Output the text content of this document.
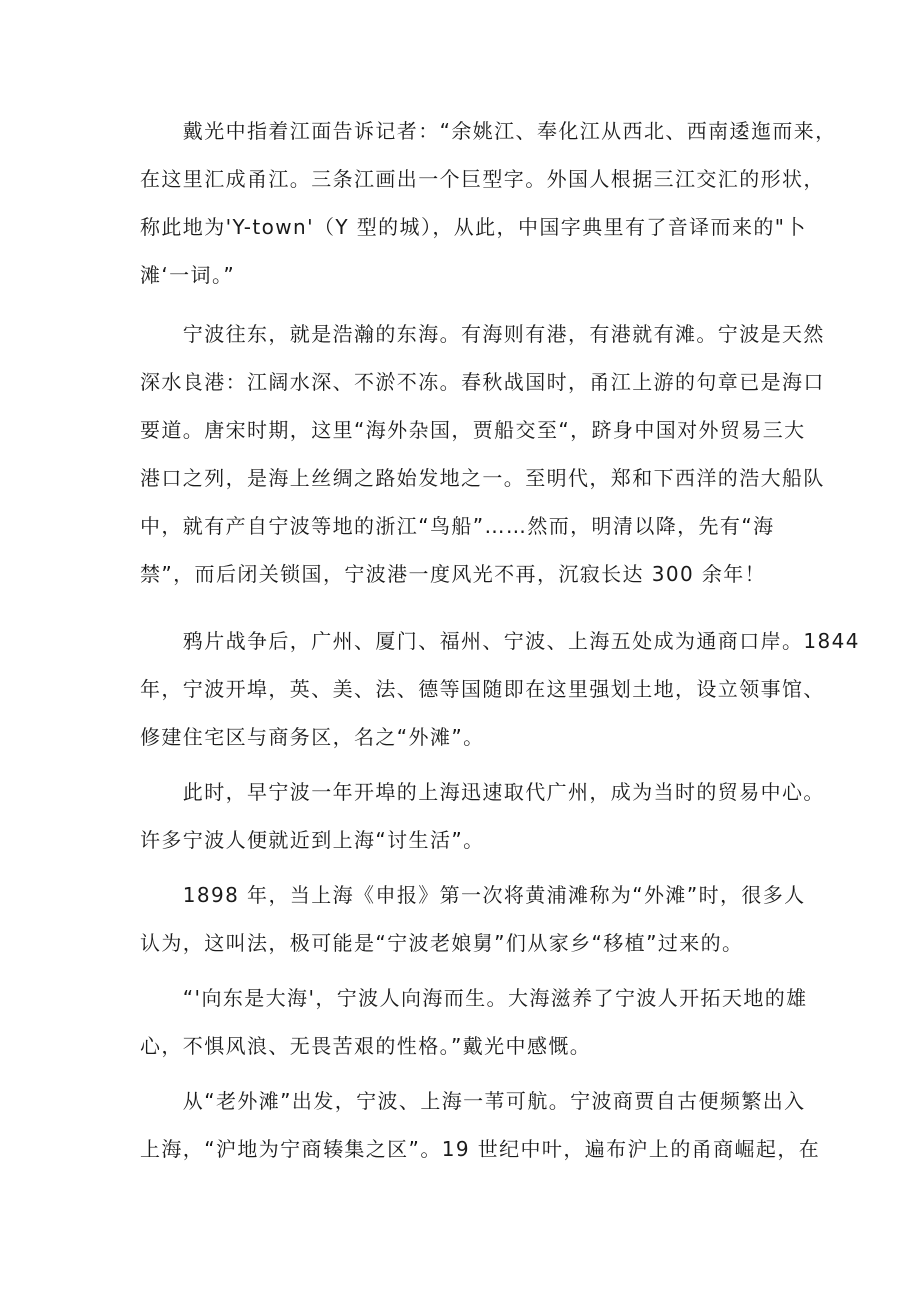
　　戴光中指着江面告诉记者：“余姚江、奉化江从西北、西南逶迤而来，
在这里汇成甬江。三条江画出一个巨型字。外国人根据三江交汇的形状，
称此地为'Y-town'（Y 型的城），从此，中国字典里有了音译而来的"卜
滩‘一词。”
　　宁波往东，就是浩瀚的东海。有海则有港，有港就有滩。宁波是天然
深水良港：江阔水深、不淤不冻。春秋战国时，甬江上游的句章已是海口
要道。唐宋时期，这里“海外杂国，贾船交至“，跻身中国对外贸易三大
港口之列，是海上丝绸之路始发地之一。至明代，郑和下西洋的浩大船队
中，就有产自宁波等地的浙江“鸟船”……然而，明清以降，先有“海
禁”，而后闭关锁国，宁波港一度风光不再，沉寂长达 300 余年！
　　鸦片战争后，广州、厦门、福州、宁波、上海五处成为通商口岸。1844
年，宁波开埠，英、美、法、德等国随即在这里强划土地，设立领事馆、
修建住宅区与商务区，名之“外滩”。
　　此时，早宁波一年开埠的上海迅速取代广州，成为当时的贸易中心。
许多宁波人便就近到上海“讨生活”。
　　1898 年，当上海《申报》第一次将黄浦滩称为“外滩”时，很多人
认为，这叫法，极可能是“宁波老娘舅”们从家乡“移植”过来的。
　　“'向东是大海'，宁波人向海而生。大海滋养了宁波人开拓天地的雄
心，不惧风浪、无畏苦艰的性格。”戴光中感慨。
　　从“老外滩”出发，宁波、上海一苇可航。宁波商贾自古便频繁出入
上海，“沪地为宁商辏集之区”。19 世纪中叶，遍布沪上的甬商崛起，在
